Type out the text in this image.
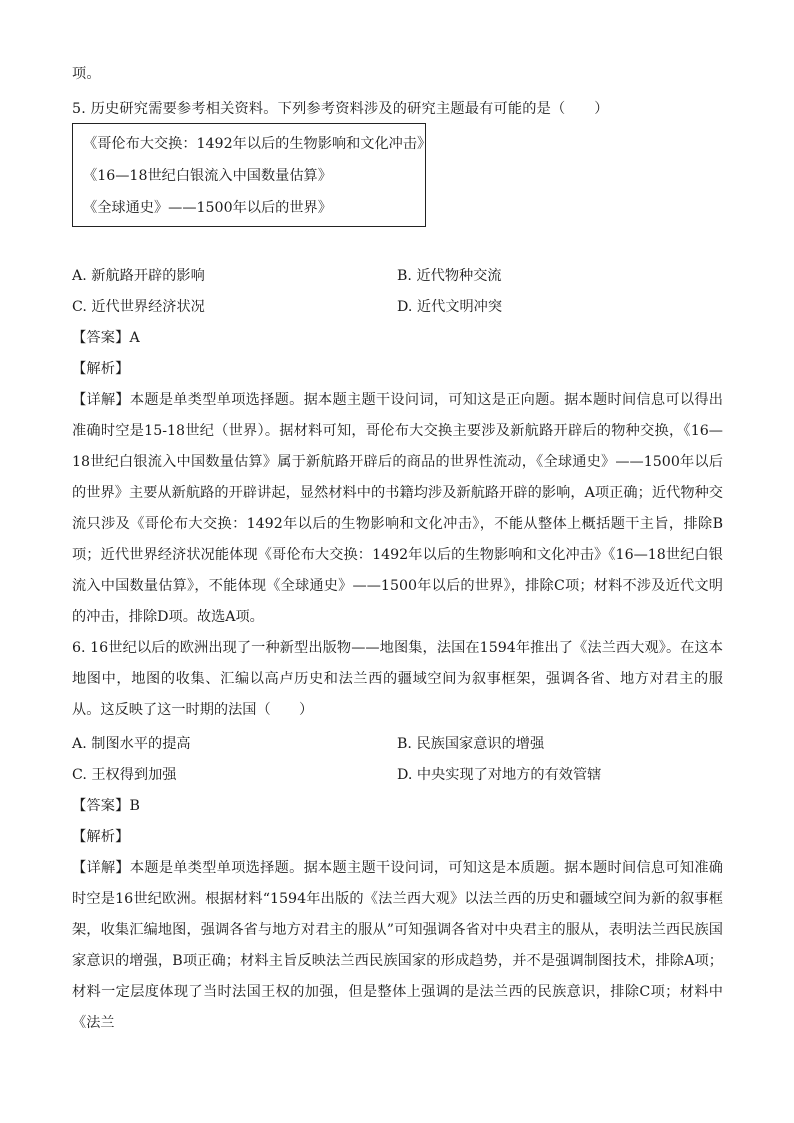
项。
5. 历史研究需要参考相关资料。下列参考资料涉及的研究主题最有可能的是（　　）
《哥伦布大交换：1492年以后的生物影响和文化冲击》
《16—18世纪白银流入中国数量估算》
《全球通史》——1500年以后的世界》
A. 新航路开辟的影响	B. 近代物种交流
C. 近代世界经济状况	D. 近代文明冲突
【答案】A
【解析】
【详解】本题是单类型单项选择题。据本题主题干设问词，可知这是正向题。据本题时间信息可以得出准确时空是15-18世纪（世界）。据材料可知，哥伦布大交换主要涉及新航路开辟后的物种交换，《16—18世纪白银流入中国数量估算》属于新航路开辟后的商品的世界性流动，《全球通史》——1500年以后的世界》主要从新航路的开辟讲起，显然材料中的书籍均涉及新航路开辟的影响，A项正确；近代物种交流只涉及《哥伦布大交换：1492年以后的生物影响和文化冲击》，不能从整体上概括题干主旨，排除B项；近代世界经济状况能体现《哥伦布大交换：1492年以后的生物影响和文化冲击》《16—18世纪白银流入中国数量估算》，不能体现《全球通史》——1500年以后的世界》，排除C项；材料不涉及近代文明的冲击，排除D项。故选A项。
6. 16世纪以后的欧洲出现了一种新型出版物——地图集，法国在1594年推出了《法兰西大观》。在这本地图中，地图的收集、汇编以高卢历史和法兰西的疆域空间为叙事框架，强调各省、地方对君主的服从。这反映了这一时期的法国（　　）
A. 制图水平的提高	B. 民族国家意识的增强
C. 王权得到加强	D. 中央实现了对地方的有效管辖
【答案】B
【解析】
【详解】本题是单类型单项选择题。据本题主题干设问词，可知这是本质题。据本题时间信息可知准确时空是16世纪欧洲。根据材料“1594年出版的《法兰西大观》以法兰西的历史和疆域空间为新的叙事框架，收集汇编地图，强调各省与地方对君主的服从”可知强调各省对中央君主的服从，表明法兰西民族国家意识的增强，B项正确；材料主旨反映法兰西民族国家的形成趋势，并不是强调制图技术，排除A项；材料一定层度体现了当时法国王权的加强，但是整体上强调的是法兰西的民族意识，排除C项；材料中《法兰
